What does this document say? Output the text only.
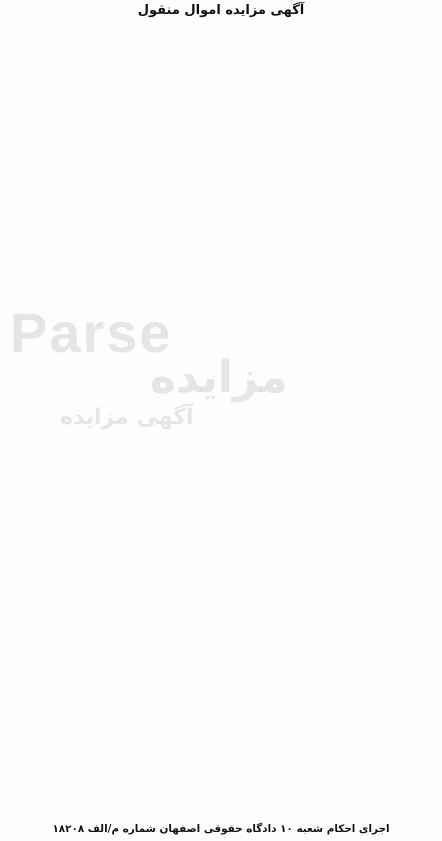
Parse
مزایده
آگهی مزایده
آگهی مزایده اموال منقول
اجرای احکام شعبه ۱۰ دادگاه حقوقی اصفهان شماره م/الف ۱۸۲۰۸
